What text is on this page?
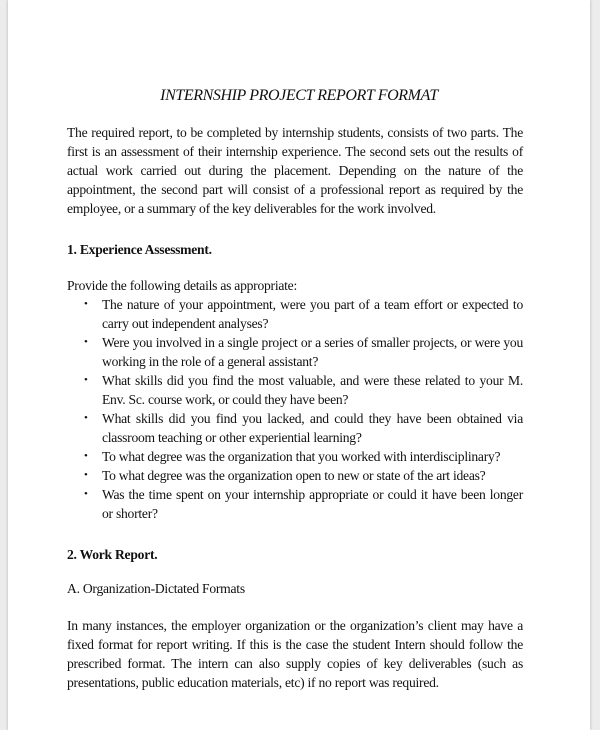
INTERNSHIP PROJECT REPORT FORMAT

The required report, to be completed by internship students, consists of two parts. The first is an assessment of their internship experience. The second sets out the results of actual work carried out during the placement. Depending on the nature of the appointment, the second part will consist of a professional report as required by the employee, or a summary of the key deliverables for the work involved.

1. Experience Assessment.

Provide the following details as appropriate:

• The nature of your appointment, were you part of a team effort or expected to carry out independent analyses?
• Were you involved in a single project or a series of smaller projects, or were you working in the role of a general assistant?
• What skills did you find the most valuable, and were these related to your M. Env. Sc. course work, or could they have been?
• What skills did you find you lacked, and could they have been obtained via classroom teaching or other experiential learning?
• To what degree was the organization that you worked with interdisciplinary?
• To what degree was the organization open to new or state of the art ideas?
• Was the time spent on your internship appropriate or could it have been longer or shorter?
2. Work Report.

A. Organization-Dictated Formats

In many instances, the employer organization or the organization’s client may have a fixed format for report writing. If this is the case the student Intern should follow the prescribed format. The intern can also supply copies of key deliverables (such as presentations, public education materials, etc) if no report was required.
